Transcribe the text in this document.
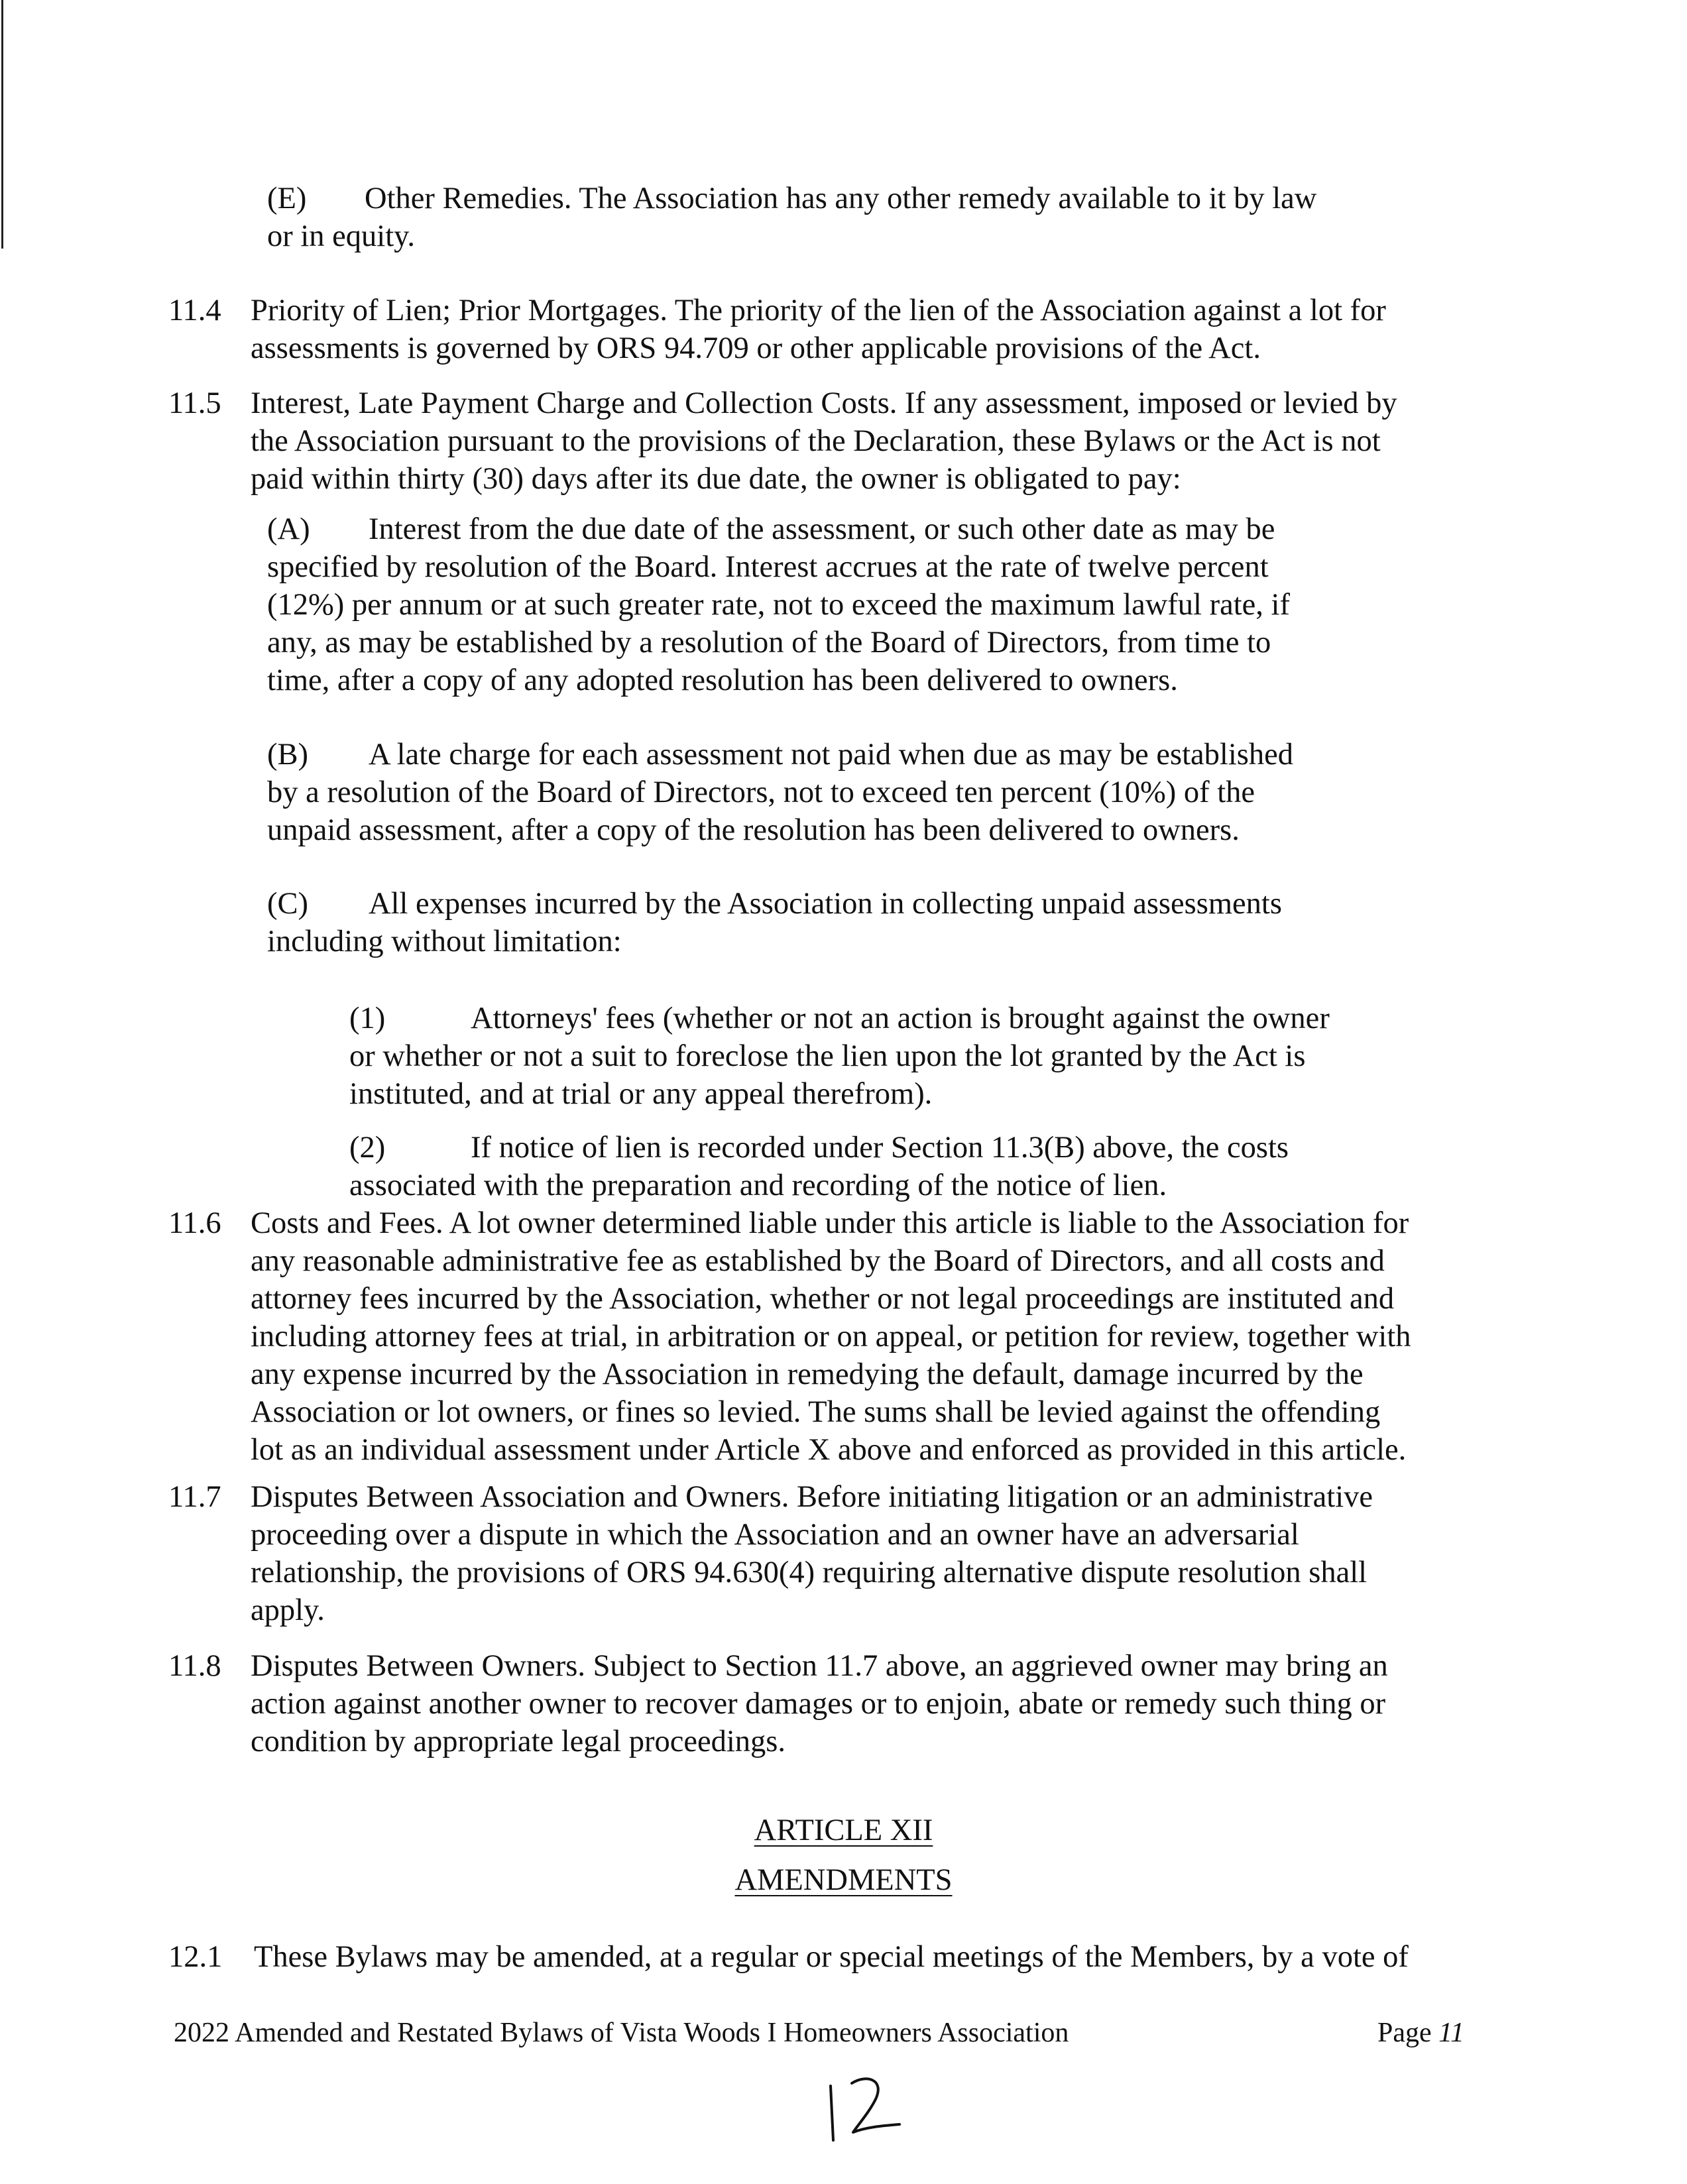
(E) Other Remedies. The Association has any other remedy available to it by law
or in equity.
11.4 Priority of Lien; Prior Mortgages. The priority of the lien of the Association against a lot for
assessments is governed by ORS 94.709 or other applicable provisions of the Act.
11.5 Interest, Late Payment Charge and Collection Costs. If any assessment, imposed or levied by
the Association pursuant to the provisions of the Declaration, these Bylaws or the Act is not
paid within thirty (30) days after its due date, the owner is obligated to pay:
(A) Interest from the due date of the assessment, or such other date as may be
specified by resolution of the Board. Interest accrues at the rate of twelve percent
(12%) per annum or at such greater rate, not to exceed the maximum lawful rate, if
any, as may be established by a resolution of the Board of Directors, from time to
time, after a copy of any adopted resolution has been delivered to owners.
(B) A late charge for each assessment not paid when due as may be established
by a resolution of the Board of Directors, not to exceed ten percent (10%) of the
unpaid assessment, after a copy of the resolution has been delivered to owners.
(C) All expenses incurred by the Association in collecting unpaid assessments
including without limitation:
(1)	Attorneys' fees (whether or not an action is brought against the owner
or whether or not a suit to foreclose the lien upon the lot granted by the Act is
instituted, and at trial or any appeal therefrom).
(2)	If notice of lien is recorded under Section 11.3(B) above, the costs
associated with the preparation and recording of the notice of lien.
11.6 Costs and Fees. A lot owner determined liable under this article is liable to the Association for
any reasonable administrative fee as established by the Board of Directors, and all costs and
attorney fees incurred by the Association, whether or not legal proceedings are instituted and
including attorney fees at trial, in arbitration or on appeal, or petition for review, together with
any expense incurred by the Association in remedying the default, damage incurred by the
Association or lot owners, or fines so levied. The sums shall be levied against the offending
lot as an individual assessment under Article X above and enforced as provided in this article.
11.7 Disputes Between Association and Owners. Before initiating litigation or an administrative
proceeding over a dispute in which the Association and an owner have an adversarial
relationship, the provisions of ORS 94.630(4) requiring alternative dispute resolution shall
apply.
11.8 Disputes Between Owners. Subject to Section 11.7 above, an aggrieved owner may bring an
action against another owner to recover damages or to enjoin, abate or remedy such thing or
condition by appropriate legal proceedings.
ARTICLE XII
AMENDMENTS
12.1 These Bylaws may be amended, at a regular or special meetings of the Members, by a vote of
2022 Amended and Restated Bylaws of Vista Woods I Homeowners Association	Page 11
